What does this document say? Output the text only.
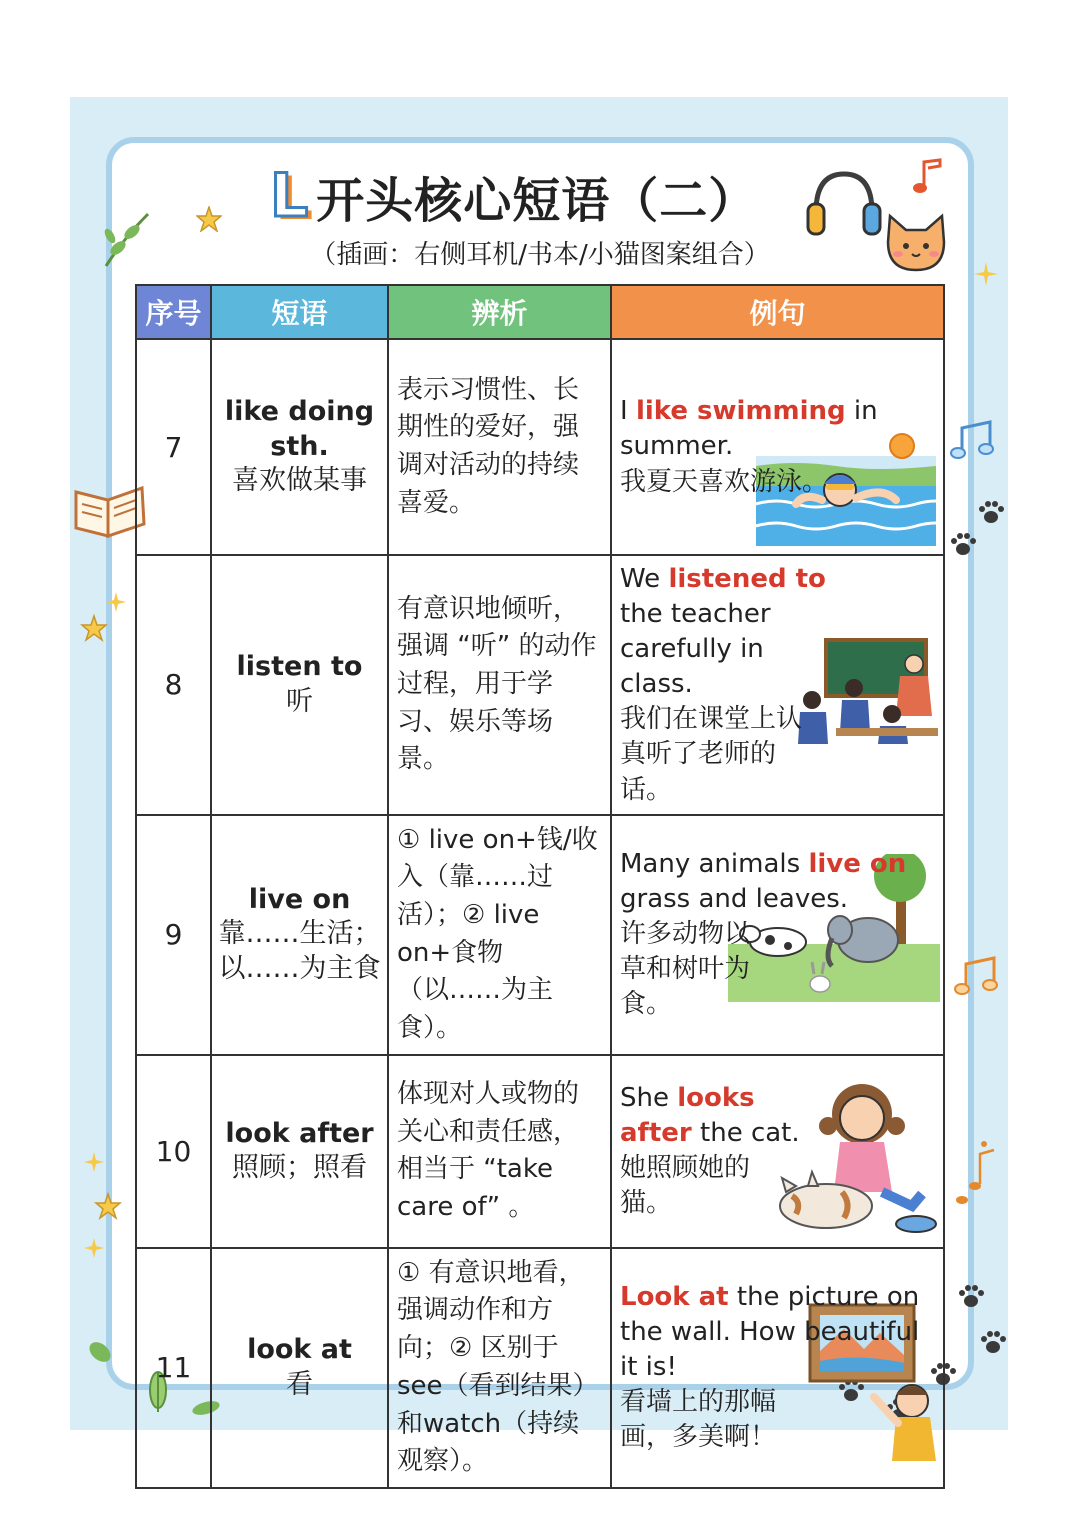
L 开头核心短语（二）
（插画：右侧耳机/书本/小猫图案组合）
序号	短语	辨析	例句
7	like doing sth.
喜欢做某事	表示习惯性、长期性的爱好，强调对活动的持续喜爱。	I like swimming in summer.
我夏天喜欢游泳。

8	listen to
听	有意识地倾听，强调 “听” 的动作过程，用于学习、娱乐等场景。	We listened to the teacher carefully in class.
我们在课堂上认真听了老师的话。

9	live on
靠……生活；以……为主食	① live on+钱/收入（靠……过活）；② live on+食物（以……为主食）。	Many animals live on grass and leaves.
许多动物以草和树叶为食。

10	look after
照顾；照看	体现对人或物的关心和责任感，相当于 “take care of” 。	She looks after the cat.
她照顾她的猫。

11	look at
看	① 有意识地看，强调动作和方向；② 区别于see（看到结果）和watch（持续观察）。	Look at the picture on the wall. How beautiful it is!
看墙上的那幅画，多美啊！
